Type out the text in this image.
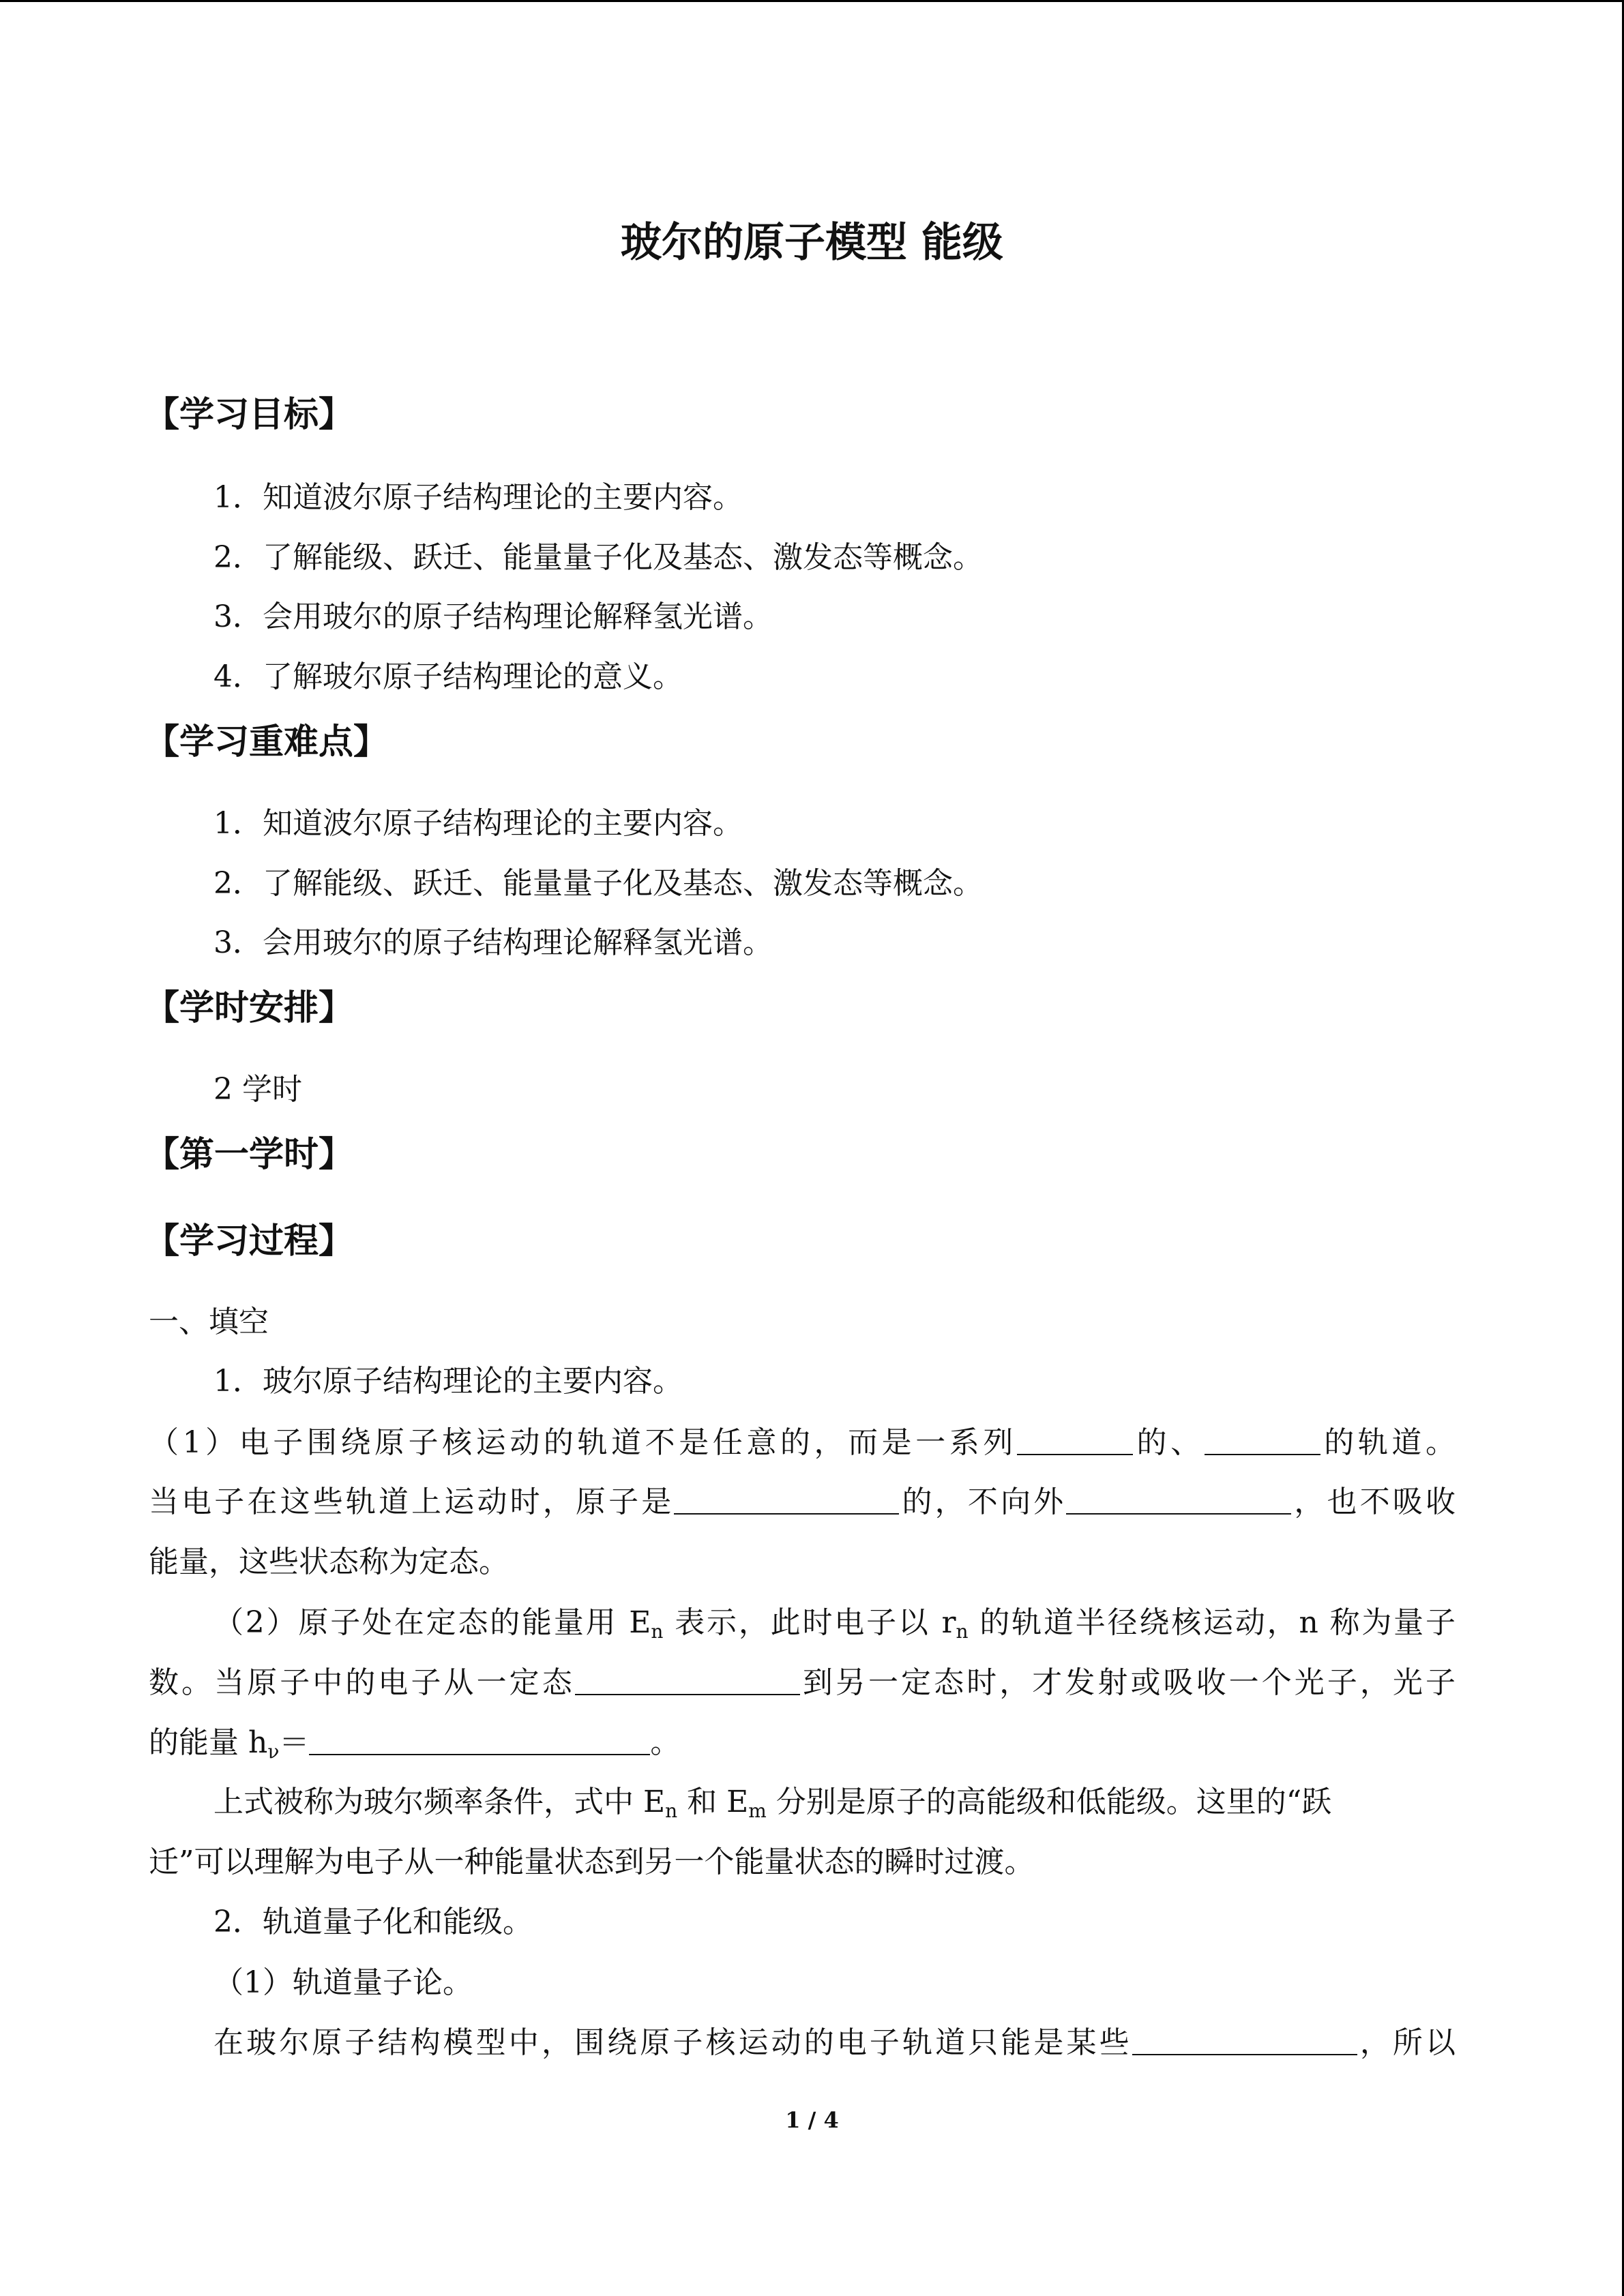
玻尔的原子模型 能级
【学习目标】
1．知道波尔原子结构理论的主要内容。
2．了解能级、跃迁、能量量子化及基态、激发态等概念。
3．会用玻尔的原子结构理论解释氢光谱。
4．了解玻尔原子结构理论的意义。
【学习重难点】
1．知道波尔原子结构理论的主要内容。
2．了解能级、跃迁、能量量子化及基态、激发态等概念。
3．会用玻尔的原子结构理论解释氢光谱。
【学时安排】
2 学时
【第一学时】
【学习过程】
一、填空
1．玻尔原子结构理论的主要内容。
（1）电子围绕原子核运动的轨道不是任意的，而是一系列	的、	的轨道。
当电子在这些轨道上运动时，原子是	的，不向外	，也不吸收
能量，这些状态称为定态。
（2）原子处在定态的能量用 $E_n$ 表示，此时电子以 $r_n$ 的轨道半径绕核运动，n 称为量子
数。当原子中的电子从一定态	到另一定态时，才发射或吸收一个光子，光子
的能量 $h_\nu=$	。
上式被称为玻尔频率条件，式中 $E_n$ 和 $E_m$ 分别是原子的高能级和低能级。这里的“跃
迁”可以理解为电子从一种能量状态到另一个能量状态的瞬时过渡。
2．轨道量子化和能级。
（1）轨道量子论。
在玻尔原子结构模型中，围绕原子核运动的电子轨道只能是某些	，所以
1 / 4
